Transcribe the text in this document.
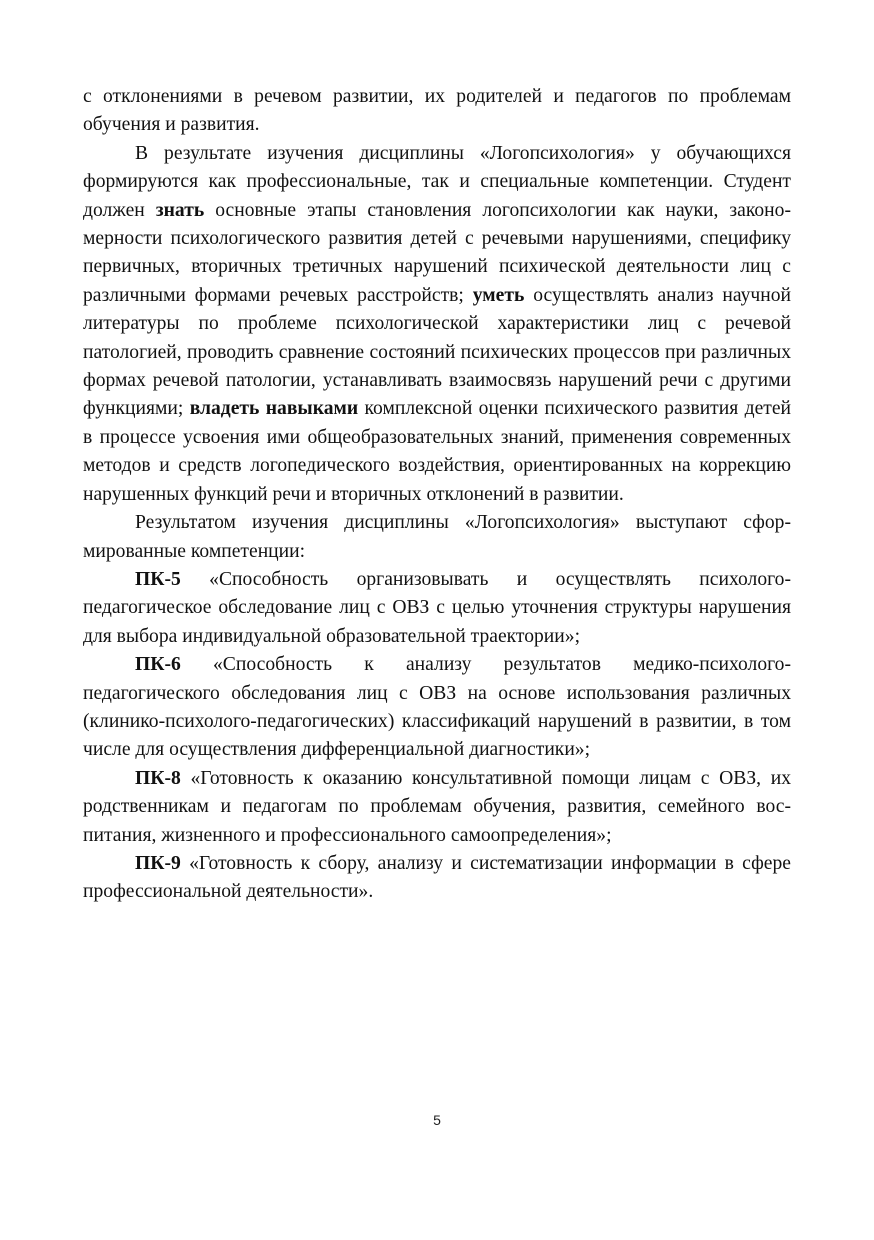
с отклонениями в речевом развитии, их родителей и педагогов по проблемам обучения и развития.

В результате изучения дисциплины «Логопсихология» у обучающихся формируются как профессиональные, так и специальные компетенции. Студент должен знать основные этапы становления логопсихологии как науки, закономерности психологического развития детей с речевыми нарушениями, специфику первичных, вторичных третичных нарушений психической деятельности лиц с различными формами речевых расстройств; уметь осуществлять анализ научной литературы по проблеме психологической характеристики лиц с речевой патологией, проводить сравнение состояний психических процессов при различных формах речевой патологии, устанавливать взаимосвязь нарушений речи с другими функциями; владеть навыками комплексной оценки психического развития детей в процессе усвоения ими общеобразовательных знаний, применения современных методов и средств логопедического воздействия, ориентированных на коррекцию нарушенных функций речи и вторичных отклонений в развитии.

Результатом изучения дисциплины «Логопсихология» выступают сформированные компетенции:

ПК-5 «Способность организовывать и осуществлять психолого-педагогическое обследование лиц с ОВЗ с целью уточнения структуры нарушения для выбора индивидуальной образовательной траектории»;

ПК-6 «Способность к анализу результатов медико-психолого-педагогического обследования лиц с ОВЗ на основе использования различных (клинико-психолого-педагогических) классификаций нарушений в развитии, в том числе для осуществления дифференциальной диагностики»;

ПК-8 «Готовность к оказанию консультативной помощи лицам с ОВЗ, их родственникам и педагогам по проблемам обучения, развития, семейного воспитания, жизненного и профессионального самоопределения»;

ПК-9 «Готовность к сбору, анализу и систематизации информации в сфере профессиональной деятельности».

5
